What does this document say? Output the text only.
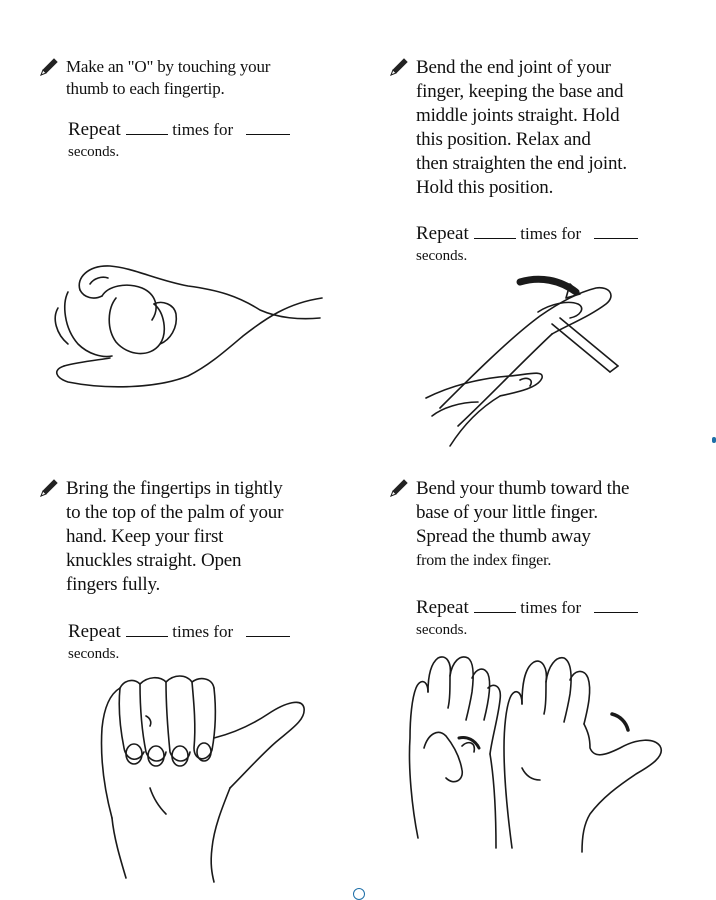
Make an "O" by touching your
thumb to each fingertip.
Repeat	times for
seconds.
Bend the end joint of your
finger, keeping the base and
middle joints straight. Hold
this position. Relax and
then straighten the end joint.
Hold this position.
Repeat	times for
seconds.
Bring the fingertips in tightly
to the top of the palm of your
hand. Keep your first
knuckles straight. Open
fingers fully.
Repeat	times for
seconds.
Bend your thumb toward the
base of your little finger.
Spread the thumb away
from the index finger.
Repeat	times for
seconds.
